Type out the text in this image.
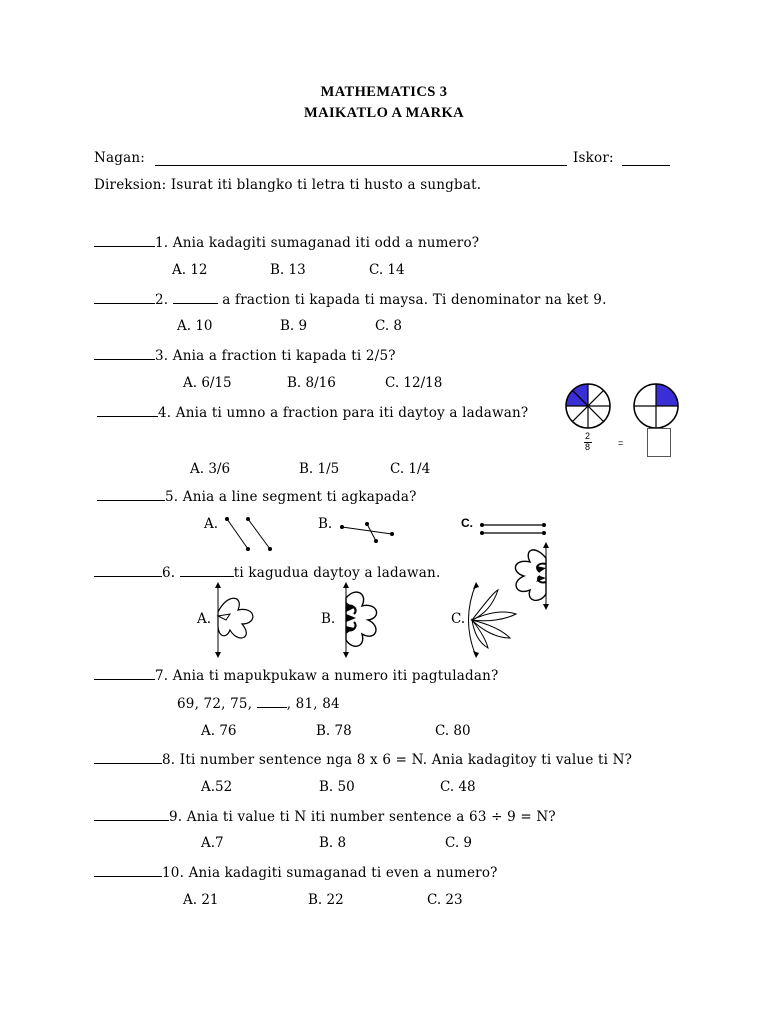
MATHEMATICS 3
MAIKATLO A MARKA
Nagan:	Iskor:
Direksion: Isurat iti blangko ti letra ti husto a sungbat.
1. Ania kadagiti sumaganad iti odd a numero?
A. 12	B. 13	C. 14
2.	a fraction ti kapada ti maysa. Ti denominator na ket 9.
A. 10	B. 9	C. 8
3. Ania a fraction ti kapada ti 2/5?
A. 6/15	B. 8/16	C. 12/18
4. Ania ti umno a fraction para iti daytoy a ladawan?
2
8	=
A. 3/6	B. 1/5	C. 1/4
5. Ania a line segment ti agkapada?
A.	B.	C.
6.	ti kagudua daytoy a ladawan.
A.	B.	C.
7. Ania ti mapukpukaw a numero iti pagtuladan?
69, 72, 75,	, 81, 84
A. 76	B. 78	C. 80
8. Iti number sentence nga 8 x 6 = N. Ania kadagitoy ti value ti N?
A.52	B. 50	C. 48
9. Ania ti value ti N iti number sentence a 63 ÷ 9 = N?
A.7	B. 8	C. 9
10. Ania kadagiti sumaganad ti even a numero?
A. 21	B. 22	C. 23
